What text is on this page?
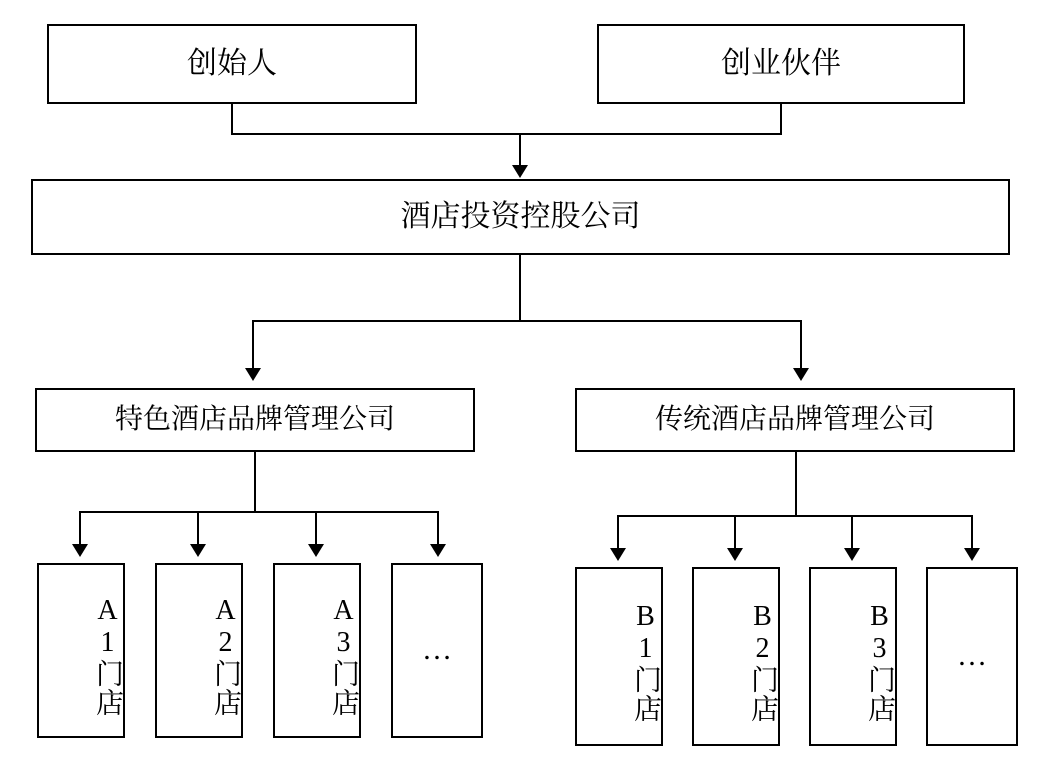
创始人	创业伙伴
酒店投资控股公司
特色酒店品牌管理公司	传统酒店品牌管理公司
A1门店	A2门店	A3门店 …	B1门店	B2门店	B3门店 …
